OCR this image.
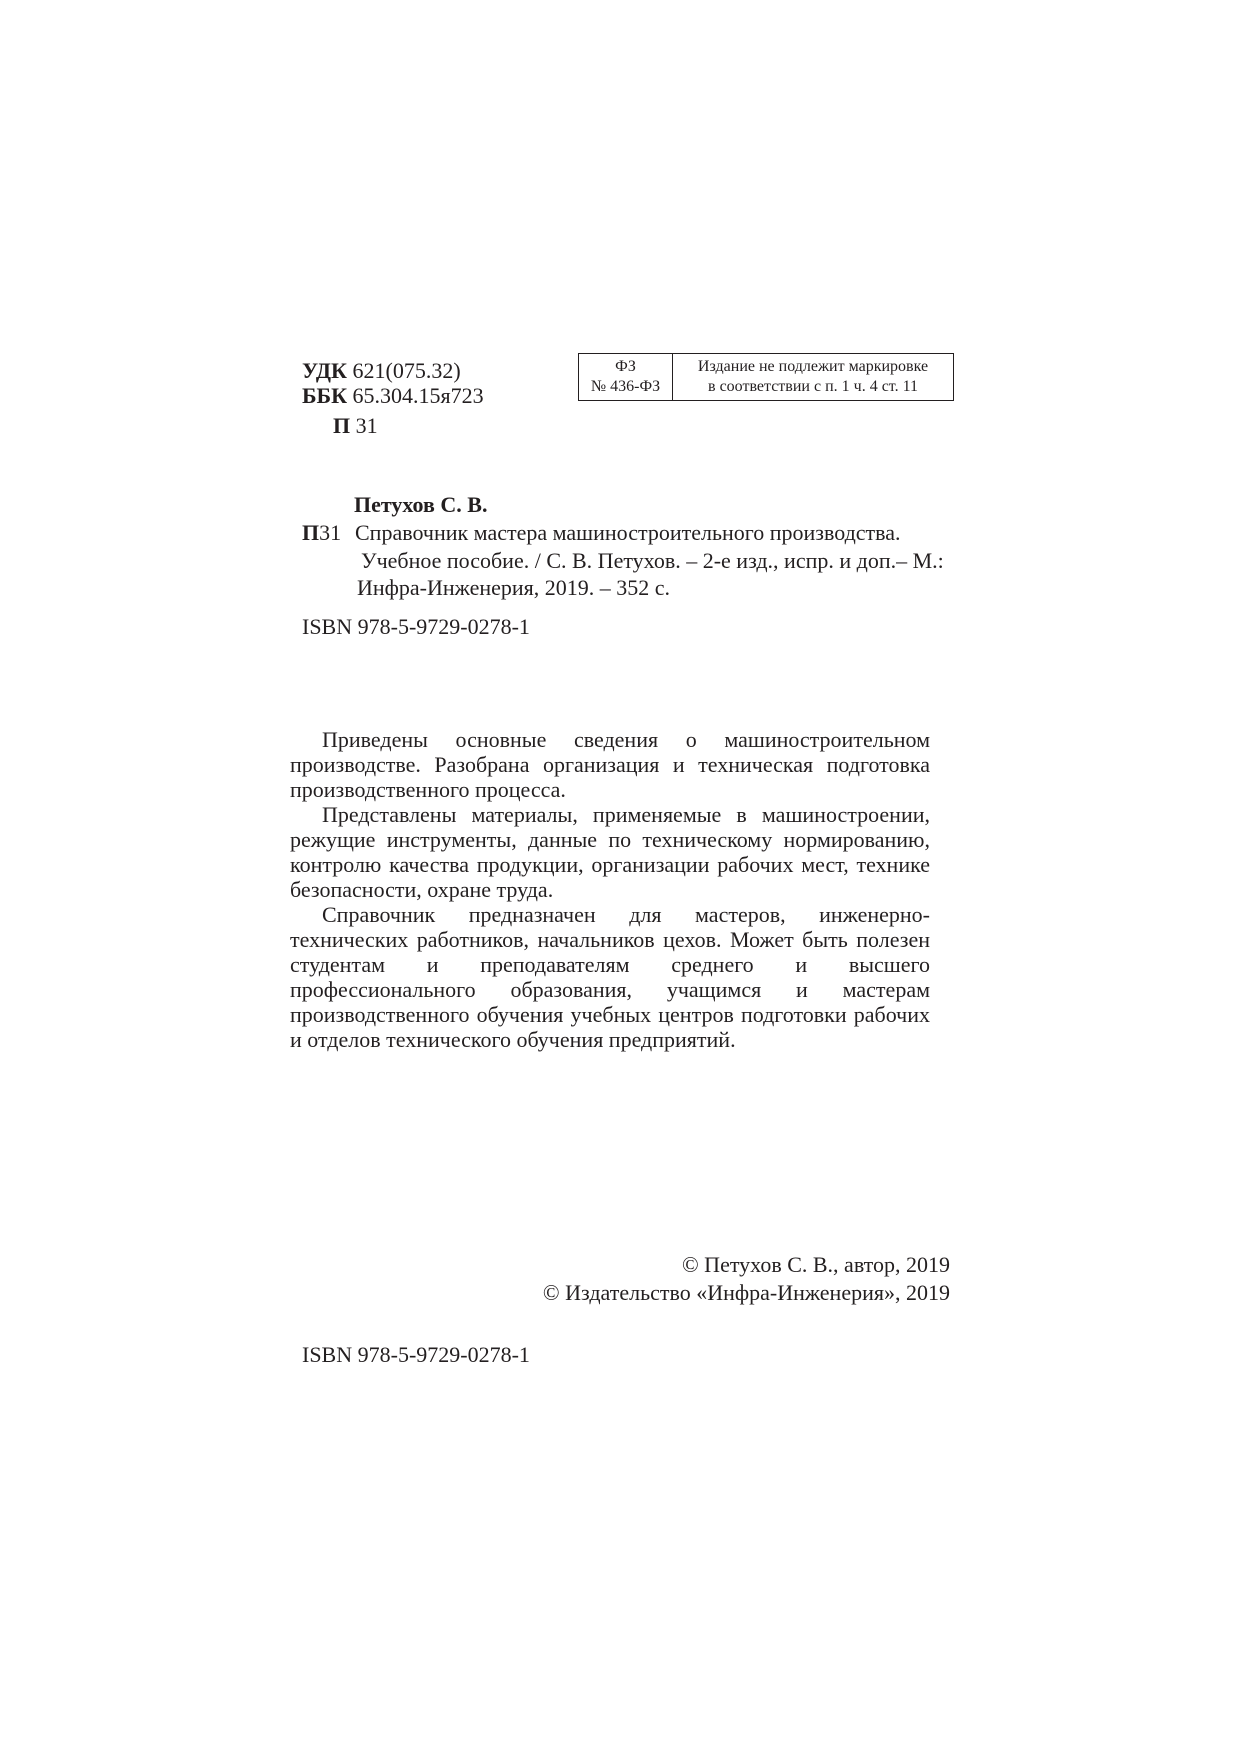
УДК 621(075.32)
ББК 65.304.15я723
П 31
ФЗ
№ 436-ФЗ
Издание не подлежит маркировке
в соответствии с п. 1 ч. 4 ст. 11
Петухов С. В.
П31 Справочник мастера машиностроительного производства.
Учебное пособие. / С. В. Петухов. – 2-е изд., испр. и доп.– М.:
Инфра-Инженерия, 2019. – 352 с.
ISBN 978-5-9729-0278-1

Приведены основные сведения о машиностроительном производстве. Разобрана организация и техническая подготовка производственного процесса.

Представлены материалы, применяемые в машиностроении, режущие инструменты, данные по техническому нормированию, контролю качества продукции, организации рабочих мест, технике безопасности, охране труда.

Справочник предназначен для мастеров, инженерно-технических работников, начальников цехов. Может быть полезен студентам и преподавателям среднего и высшего профессионального образования, учащимся и мастерам производственного обучения учебных центров подготовки рабочих и отделов технического обучения предприятий.

© Петухов С. В., автор, 2019
© Издательство «Инфра-Инженерия», 2019
ISBN 978-5-9729-0278-1
